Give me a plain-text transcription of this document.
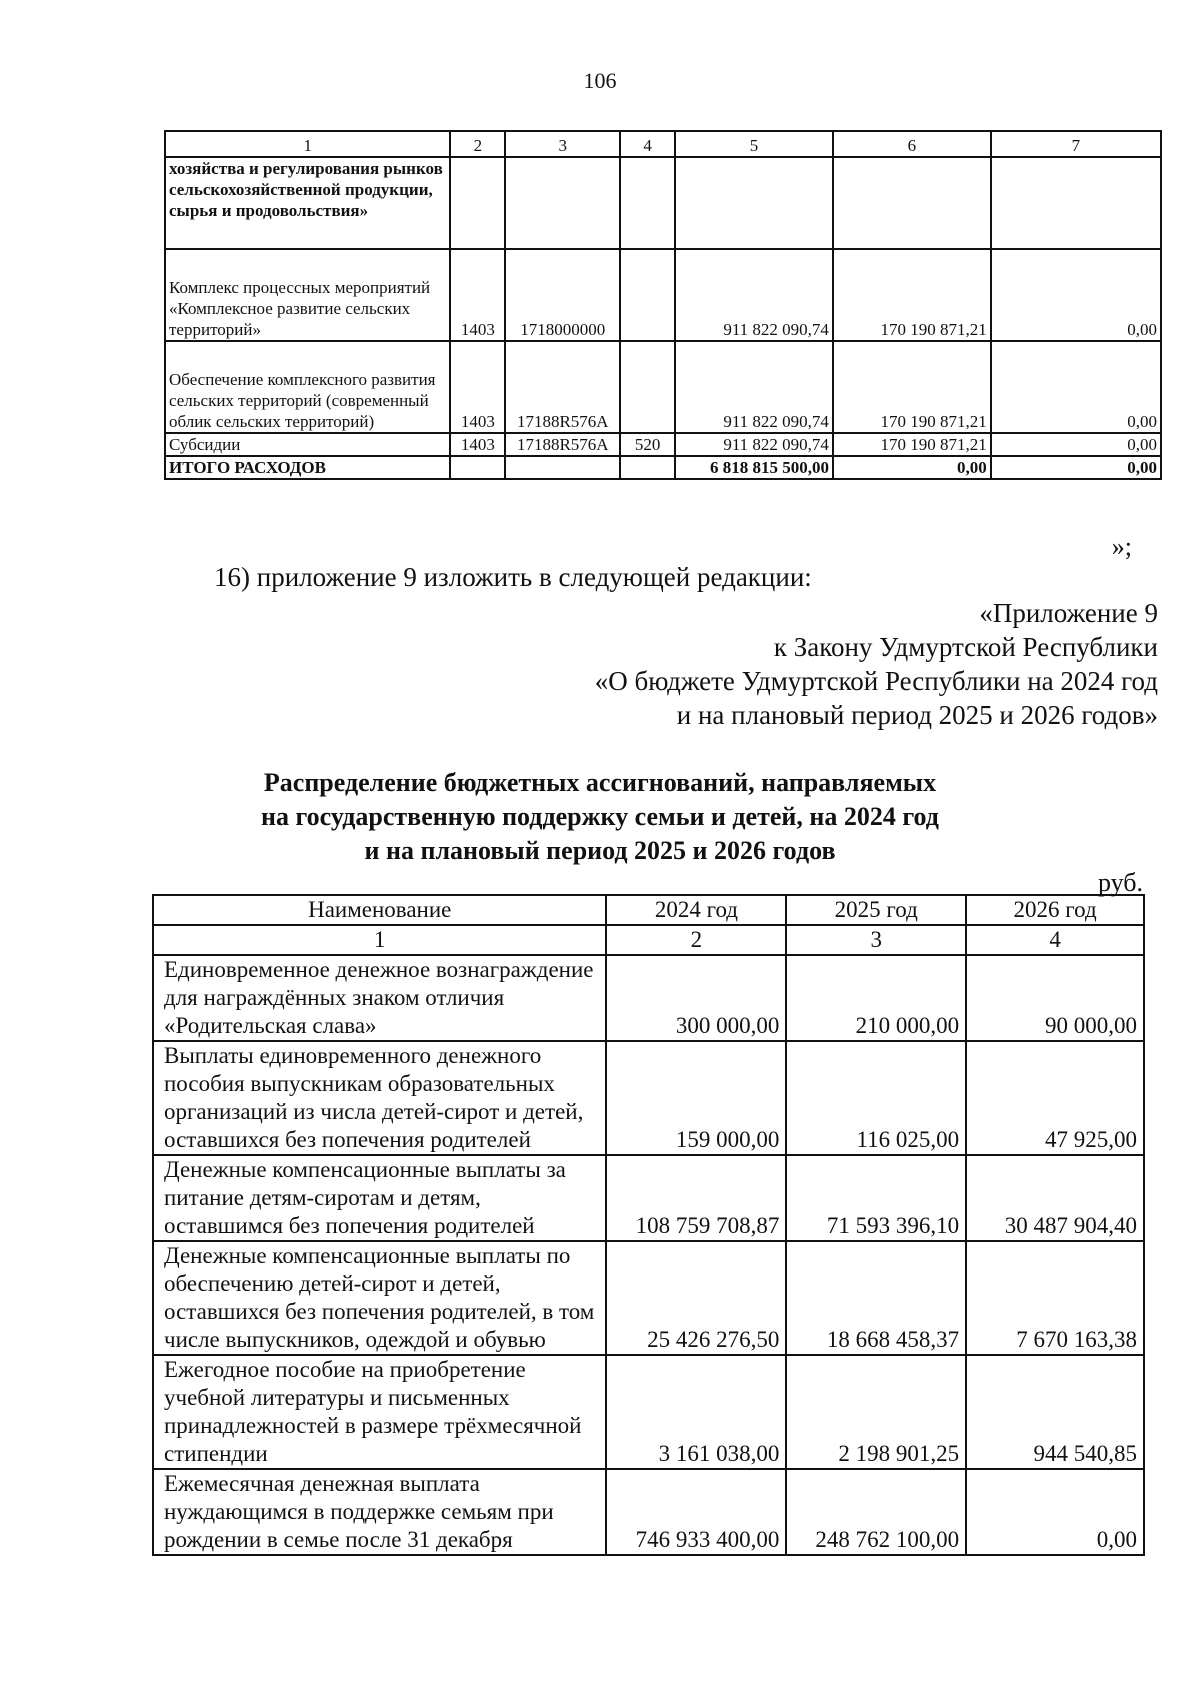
106
1	2	3	4	5	6	7
хозяйства и регулирования рынков сельскохозяйственной продукции, сырья и продовольствия»						
Комплекс процессных мероприятий «Комплексное развитие сельских территорий»	1403	1718000000		911 822 090,74	170 190 871,21	0,00
Обеспечение комплексного развития сельских территорий (современный облик сельских территорий)	1403	17188R576A		911 822 090,74	170 190 871,21	0,00
Субсидии	1403	17188R576A	520	911 822 090,74	170 190 871,21	0,00
ИТОГО РАСХОДОВ				6 818 815 500,00	0,00	0,00
»;
16) приложение 9 изложить в следующей редакции:
«Приложение 9
к Закону Удмуртской Республики
«О бюджете Удмуртской Республики на 2024 год
и на плановый период 2025 и 2026 годов»
Распределение бюджетных ассигнований, направляемых
на государственную поддержку семьи и детей, на 2024 год
и на плановый период 2025 и 2026 годов
руб.
Наименование	2024 год	2025 год	2026 год
1	2	3	4
Единовременное денежное вознаграждение для награждённых знаком отличия «Родительская слава»	300 000,00	210 000,00	90 000,00
Выплаты единовременного денежного пособия выпускникам образовательных организаций из числа детей-сирот и детей, оставшихся без попечения родителей	159 000,00	116 025,00	47 925,00
Денежные компенсационные выплаты за питание детям-сиротам и детям, оставшимся без попечения родителей	108 759 708,87	71 593 396,10	30 487 904,40
Денежные компенсационные выплаты по обеспечению детей-сирот и детей, оставшихся без попечения родителей, в том числе выпускников, одеждой и обувью	25 426 276,50	18 668 458,37	7 670 163,38
Ежегодное пособие на приобретение учебной литературы и письменных принадлежностей в размере трёхмесячной стипендии	3 161 038,00	2 198 901,25	944 540,85
Ежемесячная денежная выплата нуждающимся в поддержке семьям при рождении в семье после 31 декабря	746 933 400,00	248 762 100,00	0,00
